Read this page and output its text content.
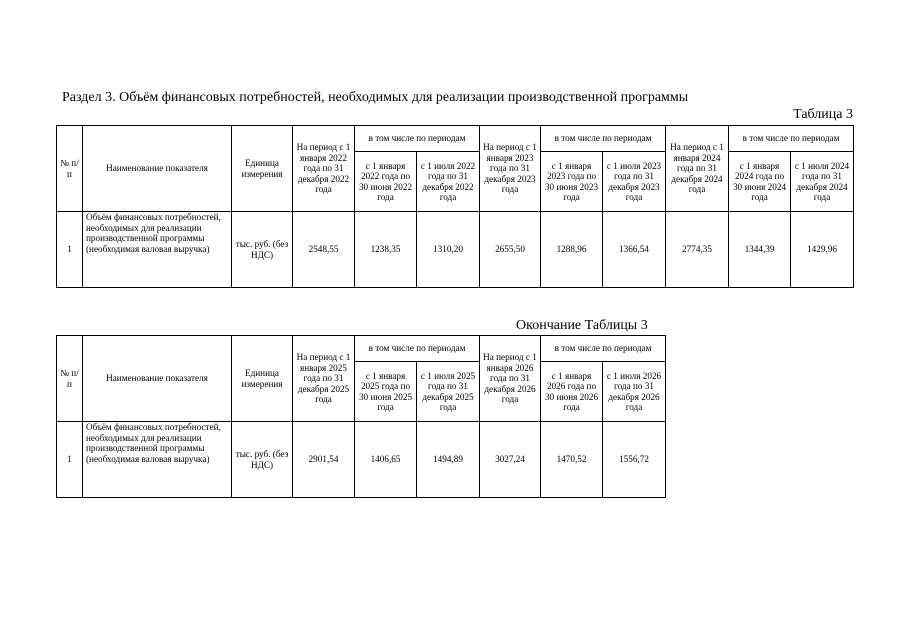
Раздел 3. Объём финансовых потребностей, необходимых для реализации производственной программы
Таблица 3
№ п/п	Наименование показателя	Единица измерения	На период с 1 января 2022 года по 31 декабря 2022 года	в том числе по периодам		На период с 1 января 2023 года по 31 декабря 2023 года	в том числе по периодам		На период с 1 января 2024 года по 31 декабря 2024 года	в том числе по периодам	
				с 1 января 2022 года по 30 июня 2022 года	с 1 июля 2022 года по 31 декабря 2022 года		с 1 января 2023 года по 30 июня 2023 года	с 1 июля 2023 года по 31 декабря 2023 года		с 1 января 2024 года по 30 июня 2024 года	с 1 июля 2024 года по 31 декабря 2024 года
1	Объём финансовых потребностей, необходимых для реализации производственной программы (необходимая валовая выручка)	тыс. руб. (без НДС)	2548,55	1238,35	1310,20	2655,50	1288,96	1366,54	2774,35	1344,39	1429,96
Окончание Таблицы 3
№ п/п	Наименование показателя	Единица измерения	На период с 1 января 2025 года по 31 декабря 2025 года	в том числе по периодам		На период с 1 января 2026 года по 31 декабря 2026 года	в том числе по периодам	
				с 1 января 2025 года по 30 июня 2025 года	с 1 июля 2025 года по 31 декабря 2025 года		с 1 января 2026 года по 30 июня 2026 года	с 1 июля 2026 года по 31 декабря 2026 года
1	Объём финансовых потребностей, необходимых для реализации производственной программы (необходимая валовая выручка)	тыс. руб. (без НДС)	2901,54	1406,65	1494,89	3027,24	1470,52	1556,72
